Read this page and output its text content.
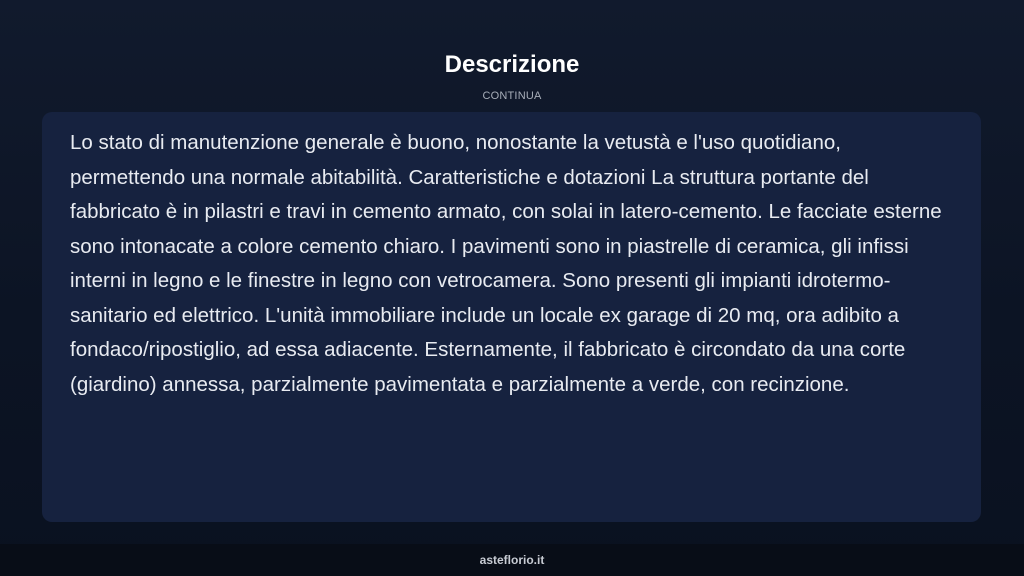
Descrizione
CONTINUA

Lo stato di manutenzione generale è buono, nonostante la vetustà e l'uso quotidiano, permettendo una normale abitabilità. Caratteristiche e dotazioni La struttura portante del fabbricato è in pilastri e travi in cemento armato, con solai in latero-cemento. Le facciate esterne sono intonacate a colore cemento chiaro. I pavimenti sono in piastrelle di ceramica, gli infissi interni in legno e le finestre in legno con vetrocamera. Sono presenti gli impianti idrotermo-sanitario ed elettrico. L'unità immobiliare include un locale ex garage di 20 mq, ora adibito a fondaco/ripostiglio, ad essa adiacente. Esternamente, il fabbricato è circondato da una corte (giardino) annessa, parzialmente pavimentata e parzialmente a verde, con recinzione.

asteflorio.it
